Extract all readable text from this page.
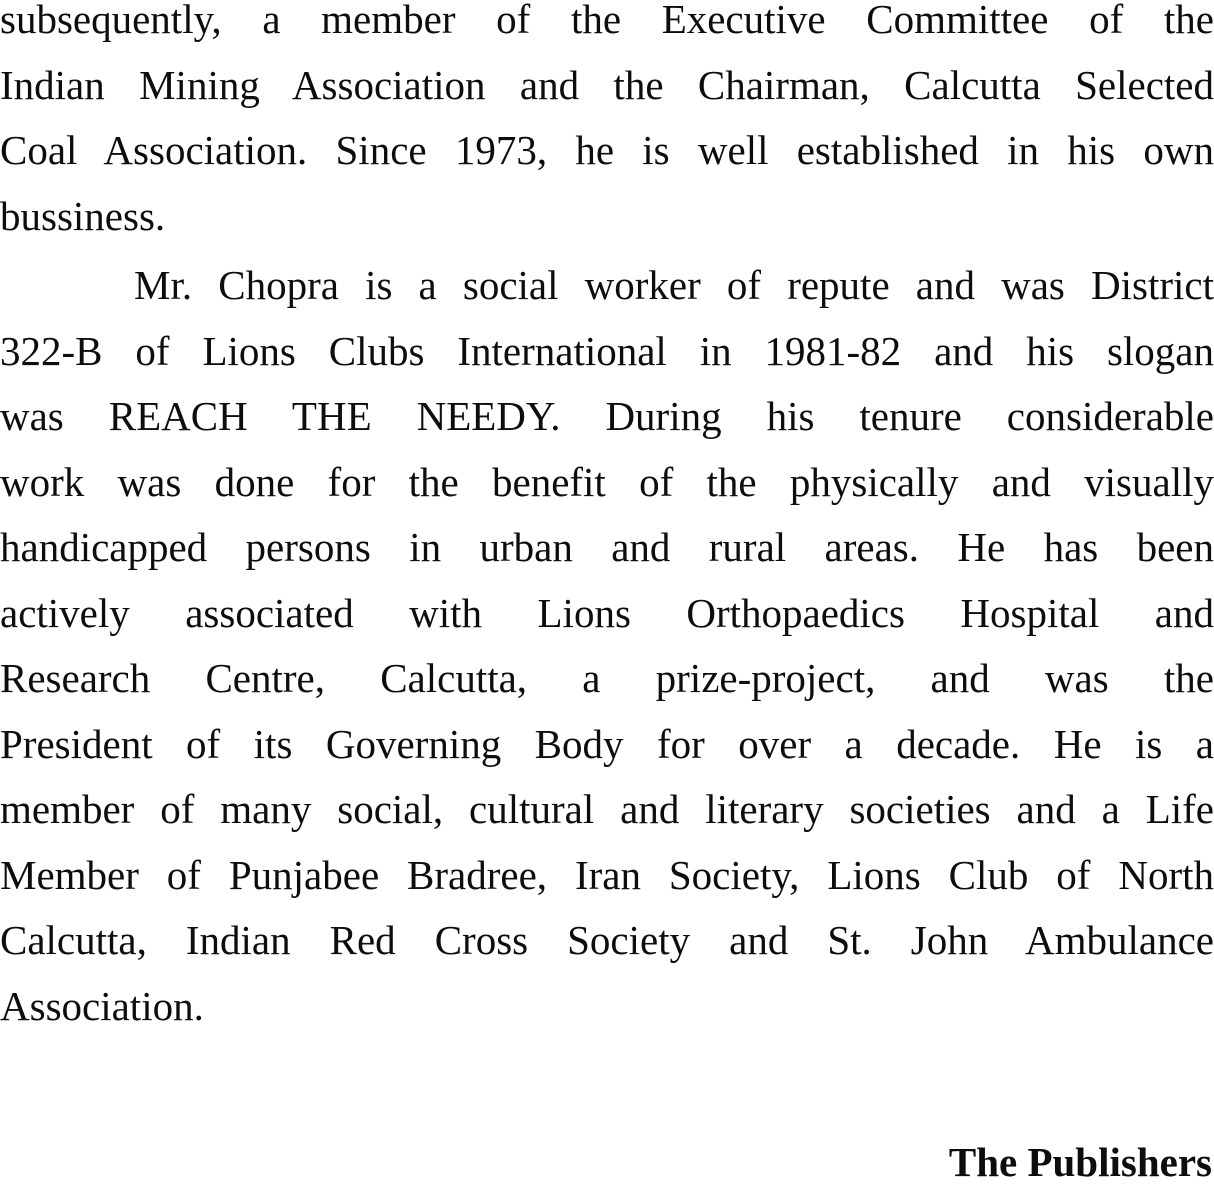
subsequently, a member of the Executive Committee of the
Indian Mining Association and the Chairman, Calcutta Selected
Coal Association. Since 1973, he is well established in his own
bussiness.
Mr. Chopra is a social worker of repute and was District
322-B of Lions Clubs International in 1981-82 and his slogan
was REACH THE NEEDY. During his tenure considerable
work was done for the benefit of the physically and visually
handicapped persons in urban and rural areas. He has been
actively associated with Lions Orthopaedics Hospital and
Research Centre, Calcutta, a prize-project, and was the
President of its Governing Body for over a decade. He is a
member of many social, cultural and literary societies and a Life
Member of Punjabee Bradree, Iran Society, Lions Club of North
Calcutta, Indian Red Cross Society and St. John Ambulance
Association.
The Publishers
